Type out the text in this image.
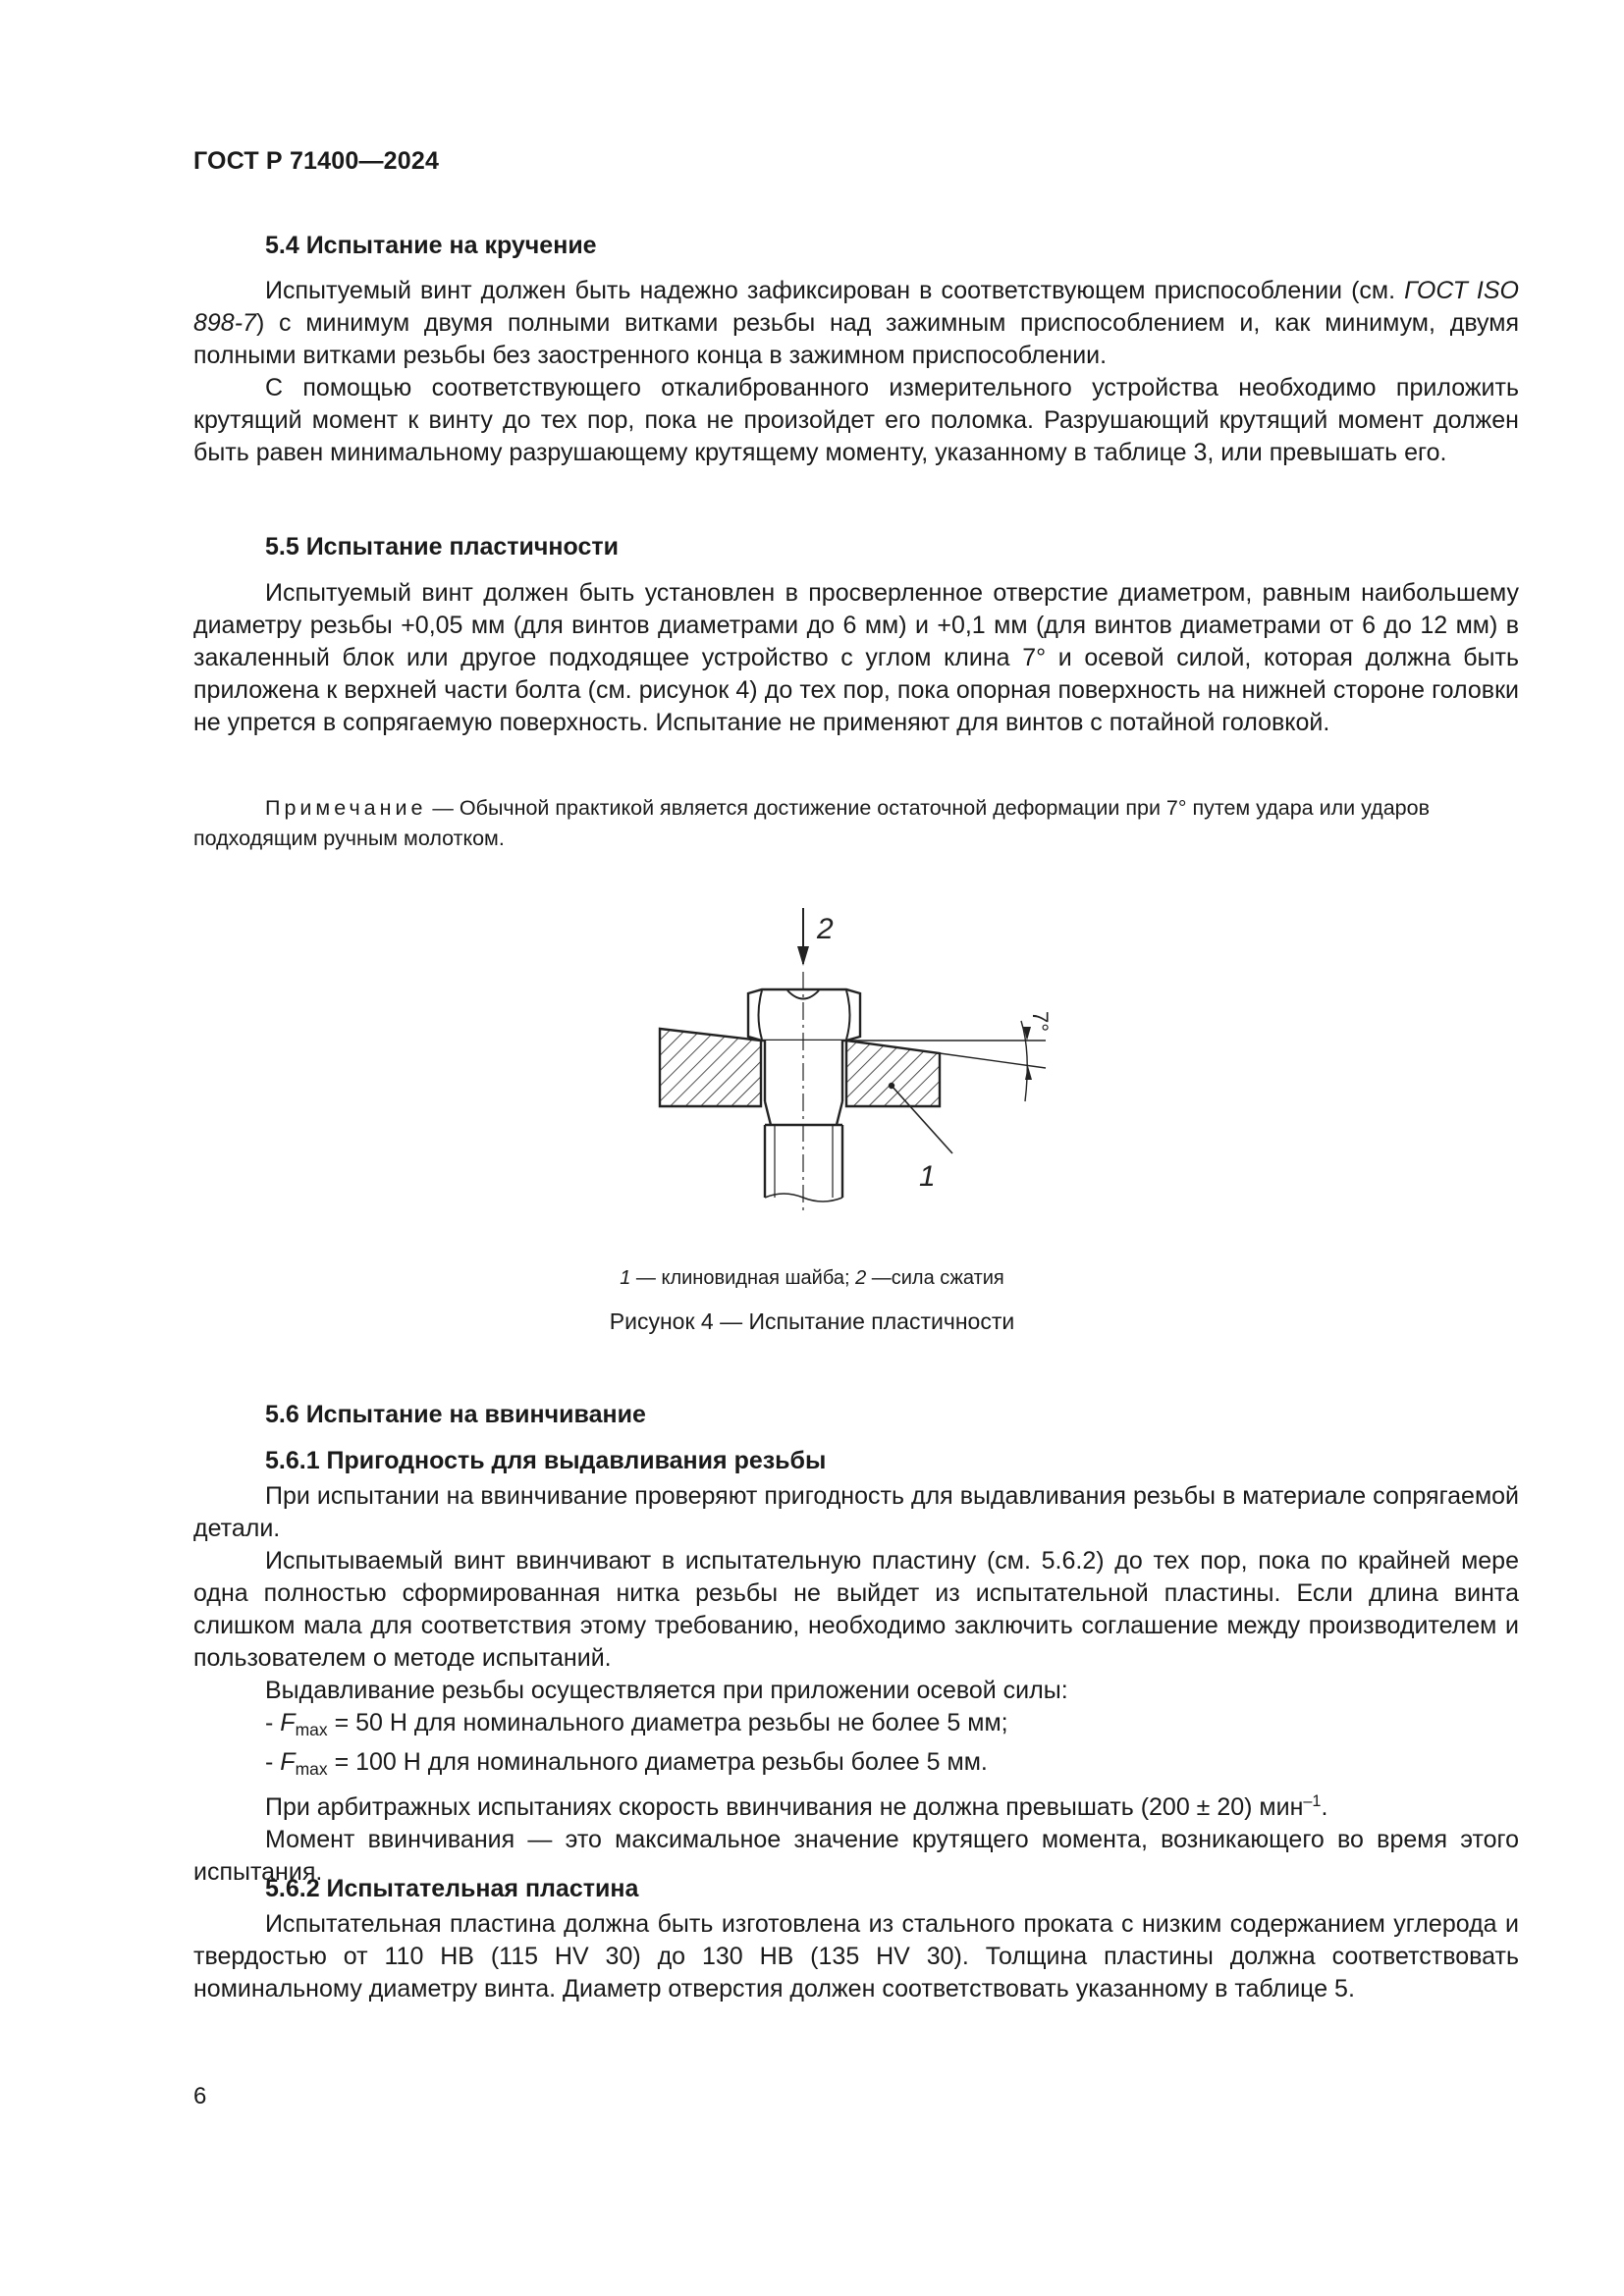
ГОСТ Р 71400—2024
5.4 Испытание на кручение

Испытуемый винт должен быть надежно зафиксирован в соответствующем приспособлении (см. ГОСТ ISO 898-7) с минимум двумя полными витками резьбы над зажимным приспособлением и, как минимум, двумя полными витками резьбы без заостренного конца в зажимном приспособлении.

С помощью соответствующего откалиброванного измерительного устройства необходимо приложить крутящий момент к винту до тех пор, пока не произойдет его поломка. Разрушающий крутящий момент должен быть равен минимальному разрушающему крутящему моменту, указанному в таблице 3, или превышать его.

5.5 Испытание пластичности

Испытуемый винт должен быть установлен в просверленное отверстие диаметром, равным наибольшему диаметру резьбы +0,05 мм (для винтов диаметрами до 6 мм) и +0,1 мм (для винтов диаметрами от 6 до 12 мм) в закаленный блок или другое подходящее устройство с углом клина 7° и осевой силой, которая должна быть приложена к верхней части болта (см. рисунок 4) до тех пор, пока опорная поверхность на нижней стороне головки не упрется в сопрягаемую поверхность. Испытание не применяют для винтов с потайной головкой.

Примечание — Обычной практикой является достижение остаточной деформации при 7° путем удара или ударов подходящим ручным молотком.

2
7°
1
1 — клиновидная шайба; 2 —сила сжатия
Рисунок 4 — Испытание пластичности
5.6 Испытание на ввинчивание
5.6.1 Пригодность для выдавливания резьбы

При испытании на ввинчивание проверяют пригодность для выдавливания резьбы в материале сопрягаемой детали.

Испытываемый винт ввинчивают в испытательную пластину (см. 5.6.2) до тех пор, пока по крайней мере одна полностью сформированная нитка резьбы не выйдет из испытательной пластины. Если длина винта слишком мала для соответствия этому требованию, необходимо заключить соглашение между производителем и пользователем о методе испытаний.

Выдавливание резьбы осуществляется при приложении осевой силы:

- $F_{max} = 50$ Н для номинального диаметра резьбы не более 5 мм;

- $F_{max} = 100$ Н для номинального диаметра резьбы более 5 мм.

При арбитражных испытаниях скорость ввинчивания не должна превышать (200 ± 20) мин$^{-1}$.

Момент ввинчивания — это максимальное значение крутящего момента, возникающего во время этого испытания.

5.6.2 Испытательная пластина

Испытательная пластина должна быть изготовлена из стального проката с низким содержанием углерода и твердостью от 110 HB (115 HV 30) до 130 HB (135 HV 30). Толщина пластины должна соответствовать номинальному диаметру винта. Диаметр отверстия должен соответствовать указанному в таблице 5.

6
